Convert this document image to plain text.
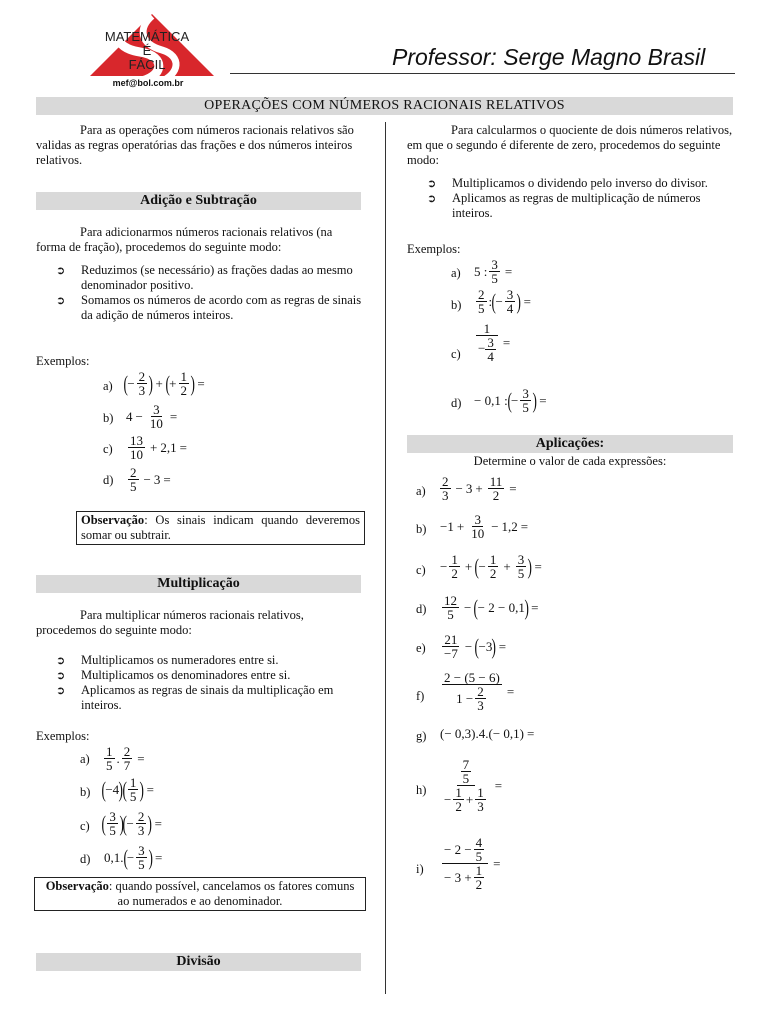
MATEMÁTICA
É
FÁCIL
mef@bol.com.br
Professor: Serge Magno Brasil
OPERAÇÕES COM NÚMEROS RACIONAIS RELATIVOS
Para as operações com números racionais relativos são validas as regras operatórias das frações e dos números inteiros relativos.
Adição e Subtração
Para adicionarmos números racionais relativos (na forma de fração), procedemos do seguinte modo:
➲ Reduzimos (se necessário) as frações dadas ao mesmo denominador positivo.
➲ Somamos os números de acordo com as regras de sinais da adição de números inteiros.
Exemplos:
a) ( − $\frac{2}{3}$ ) + ( + $\frac{1}{2}$ ) =
b) $4 - \frac{3}{10}$ =
$c) \frac{13}{10} + 2,1$ =
$d) \frac{2}{5} - 3$ =
Observação: Os sinais indicam quando deveremos somar ou subtrair.
Multiplicação
Para multiplicar números racionais relativos, procedemos do seguinte modo:
➲ Multiplicamos os numeradores entre si.
➲ Multiplicamos os denominadores entre si.
➲ Aplicamos as regras de sinais da multiplicação em inteiros.
Exemplos:
$a) \frac{1}{5}$ . $\frac{2}{7}$ =
b) ( −4 )
( $\frac{1}{5}$ ) =
c) ( $\frac{3}{5}$ )
( − $\frac{2}{3}$ ) =
d) 0,1. ( − $\frac{3}{5}$ ) =
Observação: quando possível, cancelamos os fatores comuns ao numerados e ao denominador.
Divisão
Para calcularmos o quociente de dois números relativos, em que o segundo é diferente de zero, procedemos do seguinte modo:
➲ Multiplicamos o dividendo pelo inverso do divisor.
➲ Aplicamos as regras de multiplicação de números inteiros.
Exemplos:
a) 5 : $\frac{3}{5}$ =
$b) \frac{2}{5}$ : ( − $\frac{3}{4}$ ) =
$c) \frac{1}{- \frac{3}{4}}$ =
d) − 0,1 : ( − $\frac{3}{5}$ ) =
Aplicações:
Determine o valor de cada expressões:
$a) \frac{2}{3} - 3 + \frac{11}{2}$ =
$b) -1 + \frac{3}{10} - 1,2$ =
$c) - \frac{1}{2}$ + ( − $\frac{1}{2} + \frac{3}{5}$ ) =
$d) \frac{12}{5}$ − ( − 2 − 0,1 ) =
$e) \frac{21}{-7}$ − ( −3 ) =
$f) \frac{2 - (5 - 6)}{1 - \frac{2}{3}}$ =
g) (− 0,3).4.(− 0,1) =
$h) \frac{\frac{7}{5}}{- \frac{1}{2} + \frac{1}{3}}$ =
$i) \frac{- 2 - \frac{4}{5}}{- 3 + \frac{1}{2}}$ =
